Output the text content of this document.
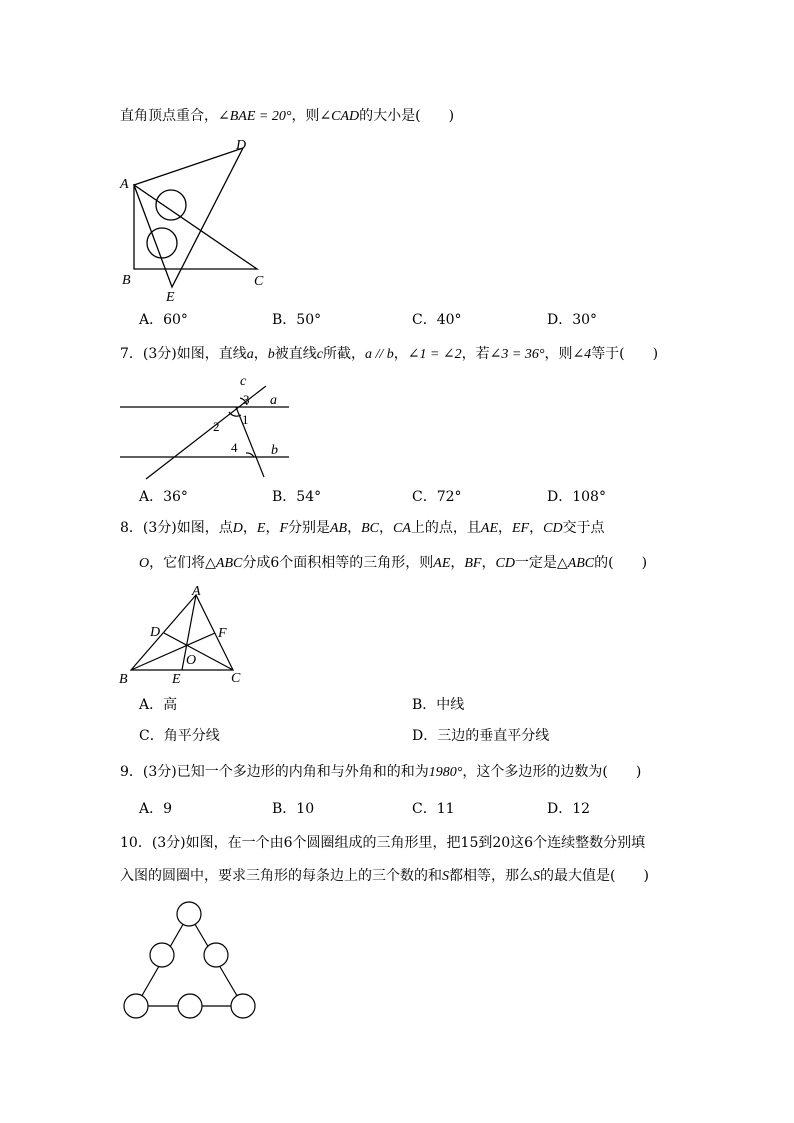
直角顶点重合，∠BAE = 20°，则∠CAD的大小是(　　)
A
D
B	C
E
A．60°	B．50°	C．40°	D．30°
7．(3分)如图，直线a，b被直线c所截，a // b，∠1 = ∠2，若∠3 = 36°，则∠4等于(　　)
c
a
b
3
1
2
4
A．36°	B．54°	C．72°	D．108°
8．(3分)如图，点D，E，F分别是AB，BC，CA上的点，且AE，EF，CD交于点
O，它们将△ABC分成6个面积相等的三角形，则AE，BF，CD一定是△ABC的(　　)
A
D	F
O
B	E	C
A．高	B．中线
C．角平分线	D．三边的垂直平分线
9．(3分)已知一个多边形的内角和与外角和的和为1980°，这个多边形的边数为(　　)
A．9	B．10	C．11	D．12
10．(3分)如图，在一个由6个圆圈组成的三角形里，把15到20这6个连续整数分别填
入图的圆圈中，要求三角形的每条边上的三个数的和S都相等，那么S的最大值是(　　)
